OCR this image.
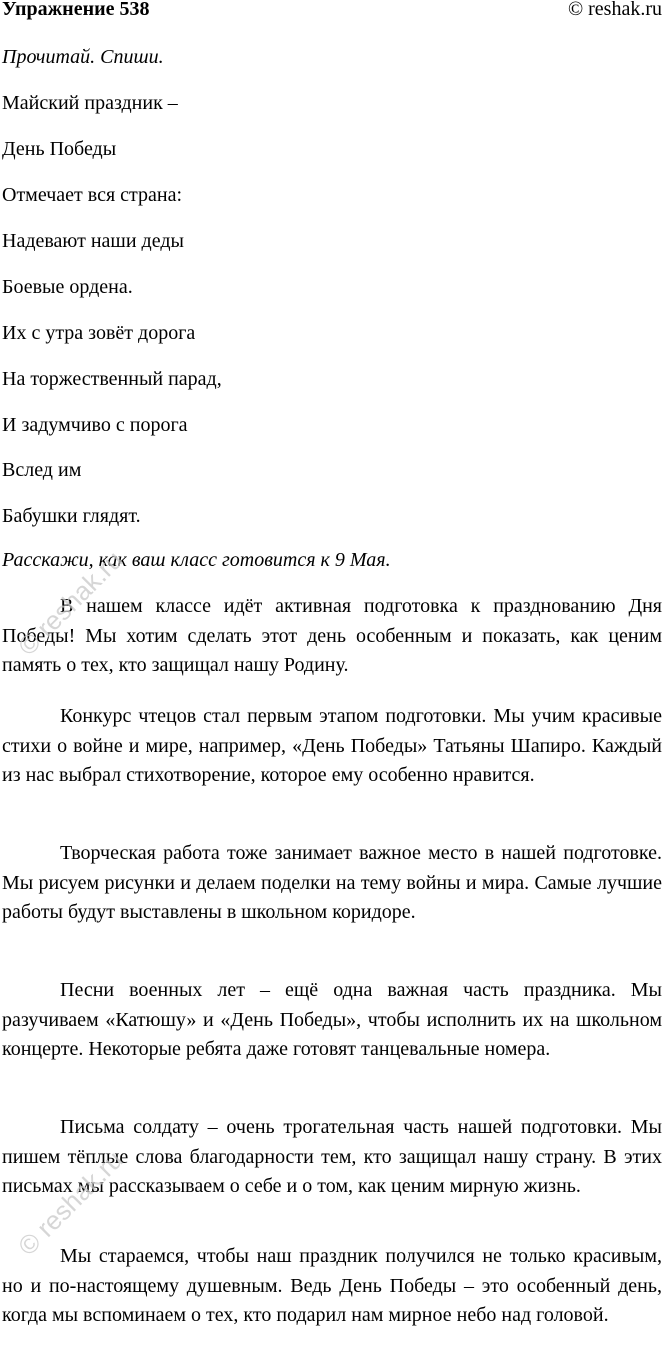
Упражнение 538	© reshak.ru
Прочитай. Спиши.
Майский праздник –
День Победы
Отмечает вся страна:
Надевают наши деды
Боевые ордена.
Их с утра зовёт дорога
На торжественный парад,
И задумчиво с порога
Вслед им
Бабушки глядят.
Расскажи, как ваш класс готовится к 9 Мая.

В нашем классе идёт активная подготовка к празднованию Дня Победы! Мы хотим сделать этот день особенным и показать, как ценим память о тех, кто защищал нашу Родину.

Конкурс чтецов стал первым этапом подготовки. Мы учим красивые стихи о войне и мире, например, «День Победы» Татьяны Шапиро. Каждый из нас выбрал стихотворение, которое ему особенно нравится.

Творческая работа тоже занимает важное место в нашей подготовке. Мы рисуем рисунки и делаем поделки на тему войны и мира. Самые лучшие работы будут выставлены в школьном коридоре.

Песни военных лет – ещё одна важная часть праздника. Мы разучиваем «Катюшу» и «День Победы», чтобы исполнить их на школьном концерте. Некоторые ребята даже готовят танцевальные номера.

Письма солдату – очень трогательная часть нашей подготовки. Мы пишем тёплые слова благодарности тем, кто защищал нашу страну. В этих письмах мы рассказываем о себе и о том, как ценим мирную жизнь.

Мы стараемся, чтобы наш праздник получился не только красивым, но и по-настоящему душевным. Ведь День Победы – это особенный день, когда мы вспоминаем о тех, кто подарил нам мирное небо над головой.

© reshak.ru
© reshak.ru
